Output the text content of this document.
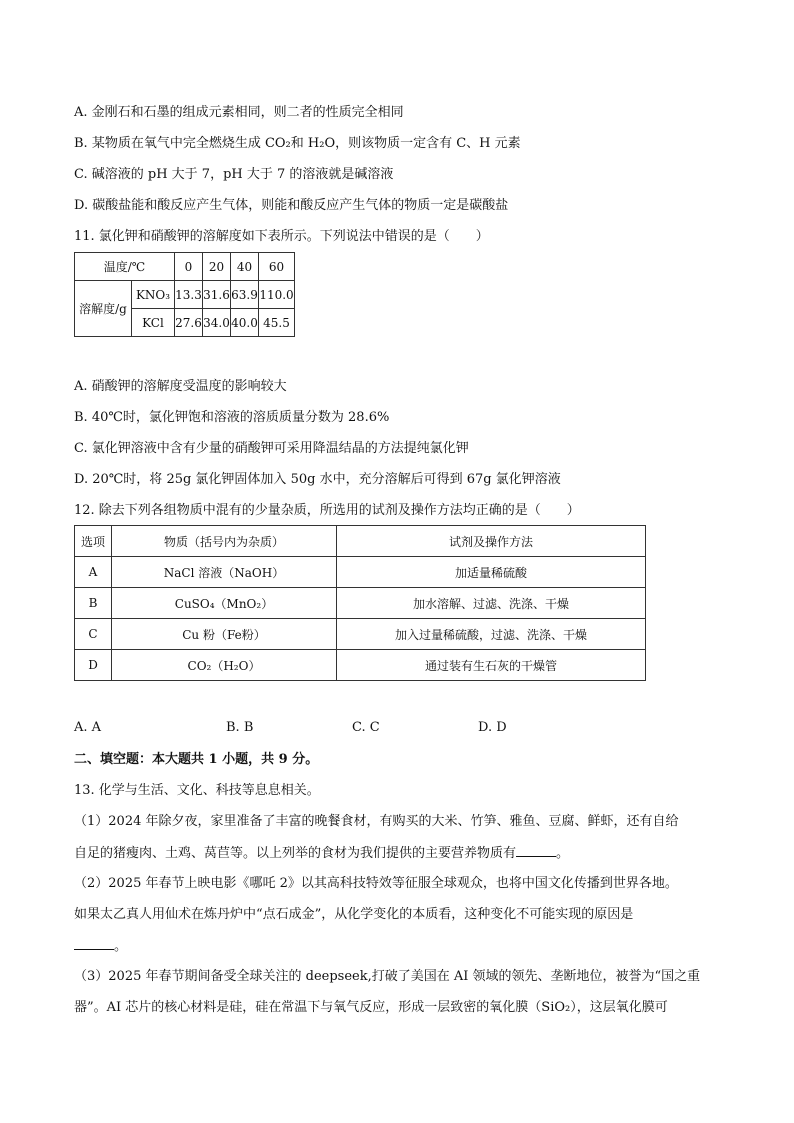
A. 金刚石和石墨的组成元素相同，则二者的性质完全相同
B. 某物质在氧气中完全燃烧生成 CO₂和 H₂O，则该物质一定含有 C、H 元素
C. 碱溶液的 pH 大于 7，pH 大于 7 的溶液就是碱溶液
D. 碳酸盐能和酸反应产生气体，则能和酸反应产生气体的物质一定是碳酸盐
11. 氯化钾和硝酸钾的溶解度如下表所示。下列说法中错误的是（　　）
温度/℃		0	20	40	60
溶解度/g	KNO₃	13.3	31.6	63.9	110.0
	KCl	27.6	34.0	40.0	45.5
A. 硝酸钾的溶解度受温度的影响较大
B. 40℃时，氯化钾饱和溶液的溶质质量分数为 28.6%
C. 氯化钾溶液中含有少量的硝酸钾可采用降温结晶的方法提纯氯化钾
D. 20℃时，将 25g 氯化钾固体加入 50g 水中，充分溶解后可得到 67g 氯化钾溶液
12. 除去下列各组物质中混有的少量杂质，所选用的试剂及操作方法均正确的是（　　）
选项	物质（括号内为杂质）	试剂及操作方法
A	NaCl 溶液（NaOH）	加适量稀硫酸
B	CuSO₄（MnO₂）	加水溶解、过滤、洗涤、干燥
C	Cu 粉（Fe粉）	加入过量稀硫酸，过滤、洗涤、干燥
D	CO₂（H₂O）	通过装有生石灰的干燥管
A. A	B. B	C. C	D. D
二、填空题：本大题共 1 小题，共 9 分。
13. 化学与生活、文化、科技等息息相关。
（1）2024 年除夕夜，家里准备了丰富的晚餐食材，有购买的大米、竹笋、雅鱼、豆腐、鲜虾，还有自给
自足的猪瘦肉、土鸡、莴苣等。以上列举的食材为我们提供的主要营养物质有	。
（2）2025 年春节上映电影《哪吒 2》以其高科技特效等征服全球观众，也将中国文化传播到世界各地。
如果太乙真人用仙术在炼丹炉中“点石成金”，从化学变化的本质看，这种变化不可能实现的原因是
。
（3）2025 年春节期间备受全球关注的 deepseek,打破了美国在 AI 领域的领先、垄断地位，被誉为“国之重
器”。AI 芯片的核心材料是硅，硅在常温下与氧气反应，形成一层致密的氧化膜（SiO₂），这层氧化膜可
